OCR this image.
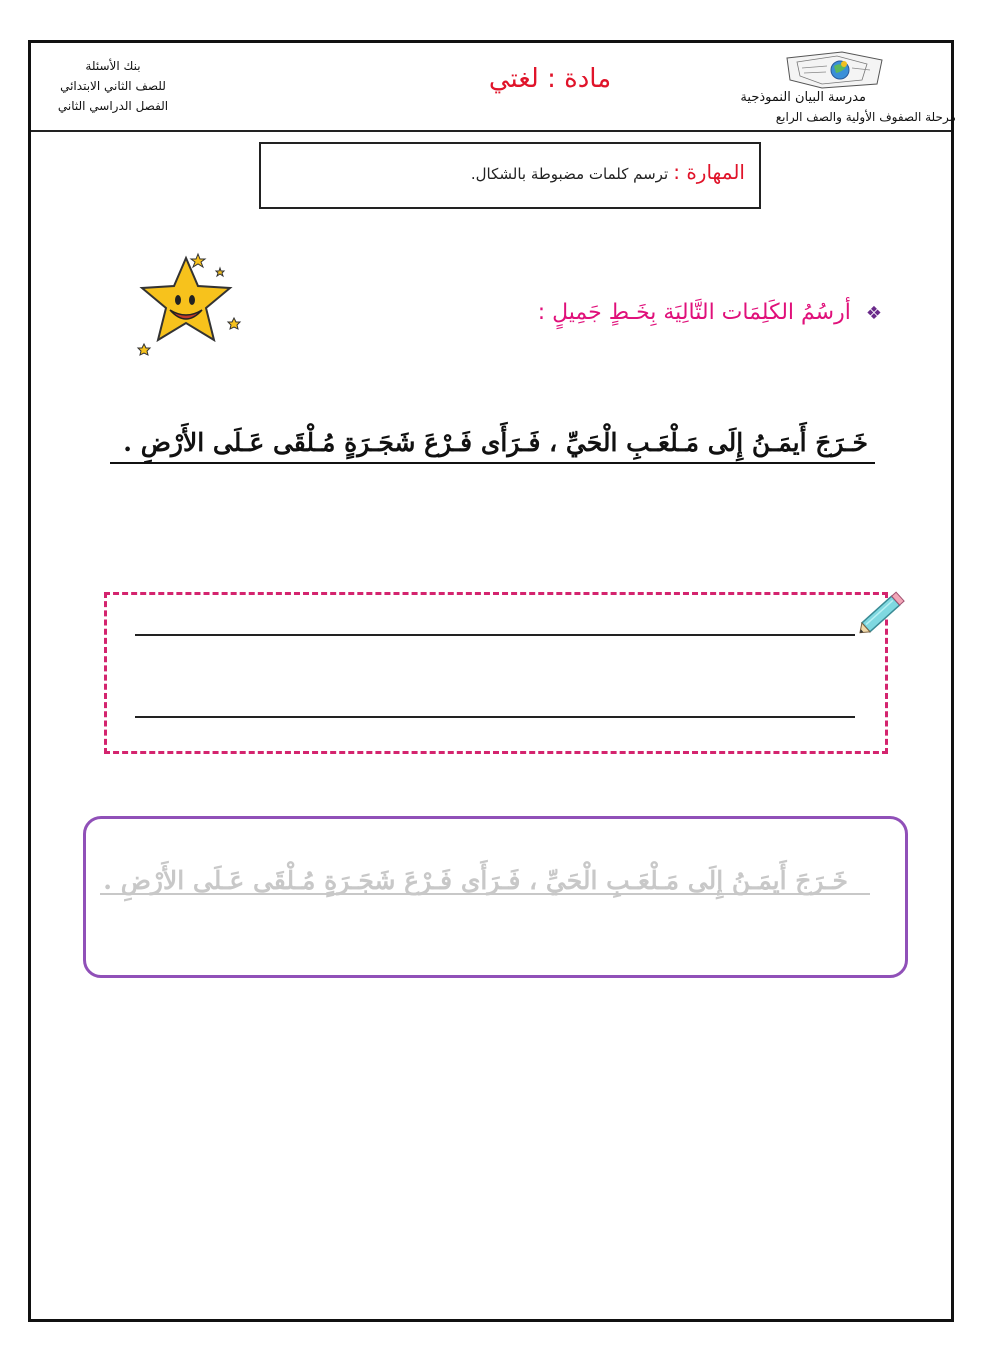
مدرسة البيان النموذجية
مرحلة الصفوف الأولية والصف الرابع
مادة : لغتي
بنك الأسئلة
للصف الثاني الابتدائي
الفصل الدراسي الثاني
المهارة : ترسم كلمات مضبوطة بالشكال.
❖ أرسُمُ الكَلِمَات التَّالِيَة بِخَـطٍ جَمِيلٍ :
خَـرَجَ أَيمَـنُ إِلَى مَـلْعَـبِ الْحَيِّ ، فَـرَأَى فَـرْعَ شَجَـرَةٍ مُـلْقَى عَـلَى الأَرْضِ .
خَـرَجَ أَيمَـنُ إِلَى مَـلْعَـبِ الْحَيِّ ، فَـرَأَى فَـرْعَ شَجَـرَةٍ مُـلْقَى عَـلَى الأَرْضِ .
